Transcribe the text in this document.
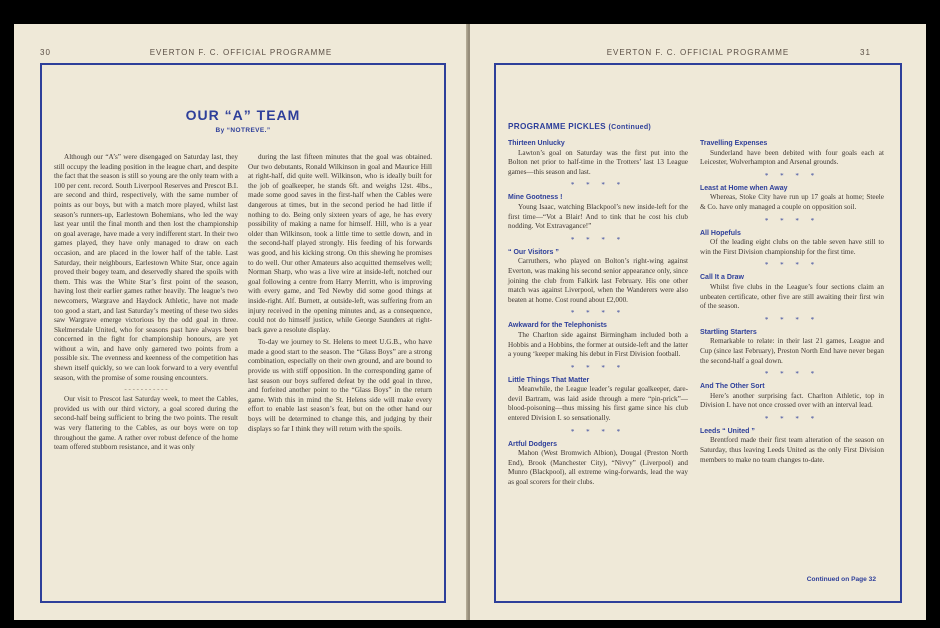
30	EVERTON F. C. OFFICIAL PROGRAMME
OUR “A” TEAM
By “NOTREVE.”

Although our “A’s” were disengaged on Saturday last, they still occupy the leading position in the league chart, and despite the fact that the season is still so young are the only team with a 100 per cent. record. South Liverpool Reserves and Prescot B.I. are second and third, respectively, with the same number of points as our boys, but with a match more played, whilst last season’s runners-up, Earlestown Bohemians, who led the way last year until the final month and then lost the championship on goal average, have made a very indifferent start. In their two games played, they have only managed to draw on each occasion, and are placed in the lower half of the table. Last Saturday, their neighbours, Earlestown White Star, once again proved their bogey team, and deservedly shared the spoils with them. This was the White Star’s first point of the season, having lost their earlier games rather heavily. The league’s two newcomers, Wargrave and Haydock Athletic, have not made too good a start, and last Saturday’s meeting of these two sides saw Wargrave emerge victorious by the odd goal in three. Skelmersdale United, who for seasons past have always been concerned in the fight for championship honours, are yet without a win, and have only garnered two points from a possible six. The evenness and keenness of the competition has shewn itself quickly, so we can look forward to a very eventful season, with the promise of some rousing encounters.

- - - - - - - - - - -

Our visit to Prescot last Saturday week, to meet the Cables, provided us with our third victory, a goal scored during the second-half being sufficient to bring the two points. The result was very flattering to the Cables, as our boys were on top throughout the game. A rather over robust defence of the home team offered stubborn resistance, and it was only

during the last fifteen minutes that the goal was obtained. Our two debutants, Ronald Wilkinson in goal and Maurice Hill at right-half, did quite well. Wilkinson, who is ideally built for the job of goalkeeper, he stands 6ft. and weighs 12st. 4lbs., made some good saves in the first-half when the Cables were dangerous at times, but in the second period he had little if nothing to do. Being only sixteen years of age, he has every possibility of making a name for himself. Hill, who is a year older than Wilkinson, took a little time to settle down, and in the second-half played strongly. His feeding of his forwards was good, and his kicking strong. On this shewing he promises to do well. Our other Amateurs also acquitted themselves well; Norman Sharp, who was a live wire at inside-left, notched our goal following a centre from Harry Merritt, who is improving with every game, and Ted Newby did some good things at inside-right. Alf. Burnett, at outside-left, was suffering from an injury received in the opening minutes and, as a consequence, could not do himself justice, while George Saunders at right-back gave a resolute display.

To-day we journey to St. Helens to meet U.G.B., who have made a good start to the season. The “Glass Boys” are a strong combination, especially on their own ground, and are bound to provide us with stiff opposition. In the corresponding game of last season our boys suffered defeat by the odd goal in three, and forfeited another point to the “Glass Boys” in the return game. With this in mind the St. Helens side will make every effort to enable last season’s feat, but on the other hand our boys will be determined to change this, and judging by their displays so far I think they will return with the spoils.

EVERTON F. C. OFFICIAL PROGRAMME	31
PROGRAMME PICKLES (Continued)

Thirteen Unlucky

Lawton’s goal on Saturday was the first put into the Bolton net prior to half-time in the Trotters’ last 13 League games—this season and last.

* * * *

Mine Gootness !

Young Isaac, watching Blackpool’s new inside-left for the first time—“Vot a Blair! And to tink that he cost his club nodding. Vot Extravagance!”

* * * *

“ Our Visitors ”

Carruthers, who played on Bolton’s right-wing against Everton, was making his second senior appearance only, since joining the club from Falkirk last February. His one other match was against Liverpool, when the Wanderers were also beaten at home. Cost round about £2,000.

* * * *

Awkward for the Telephonists

The Charlton side against Birmingham included both a Hobbis and a Hobbins, the former at outside-left and the latter a young ‘keeper making his debut in First Division football.

* * * *

Little Things That Matter

Meanwhile, the League leader’s regular goalkeeper, dare-devil Bartram, was laid aside through a mere “pin-prick”—blood-poisoning—thus missing his first game since his club entered Division I. so sensationally.

* * * *

Artful Dodgers

Mahon (West Bromwich Albion), Dougal (Preston North End), Brook (Manchester City), “Nivvy” (Liverpool) and Munro (Blackpool), all extreme wing-forwards, lead the way as goal scorers for their clubs.

Travelling Expenses

Sunderland have been debited with four goals each at Leicester, Wolverhampton and Arsenal grounds.

* * * *

Least at Home when Away

Whereas, Stoke City have run up 17 goals at home; Steele & Co. have only managed a couple on opposition soil.

* * * *

All Hopefuls

Of the leading eight clubs on the table seven have still to win the First Division championship for the first time.

* * * *

Call It a Draw

Whilst five clubs in the League’s four sections claim an unbeaten certificate, other five are still awaiting their first win of the season.

* * * *

Startling Starters

Remarkable to relate: in their last 21 games, League and Cup (since last February), Preston North End have never began the second-half a goal down.

* * * *

And The Other Sort

Here’s another surprising fact. Charlton Athletic, top in Division I. have not once crossed over with an interval lead.

* * * *

Leeds “ United ”

Brentford made their first team alteration of the season on Saturday, thus leaving Leeds United as the only First Division members to make no team changes to-date.

Continued on Page 32
